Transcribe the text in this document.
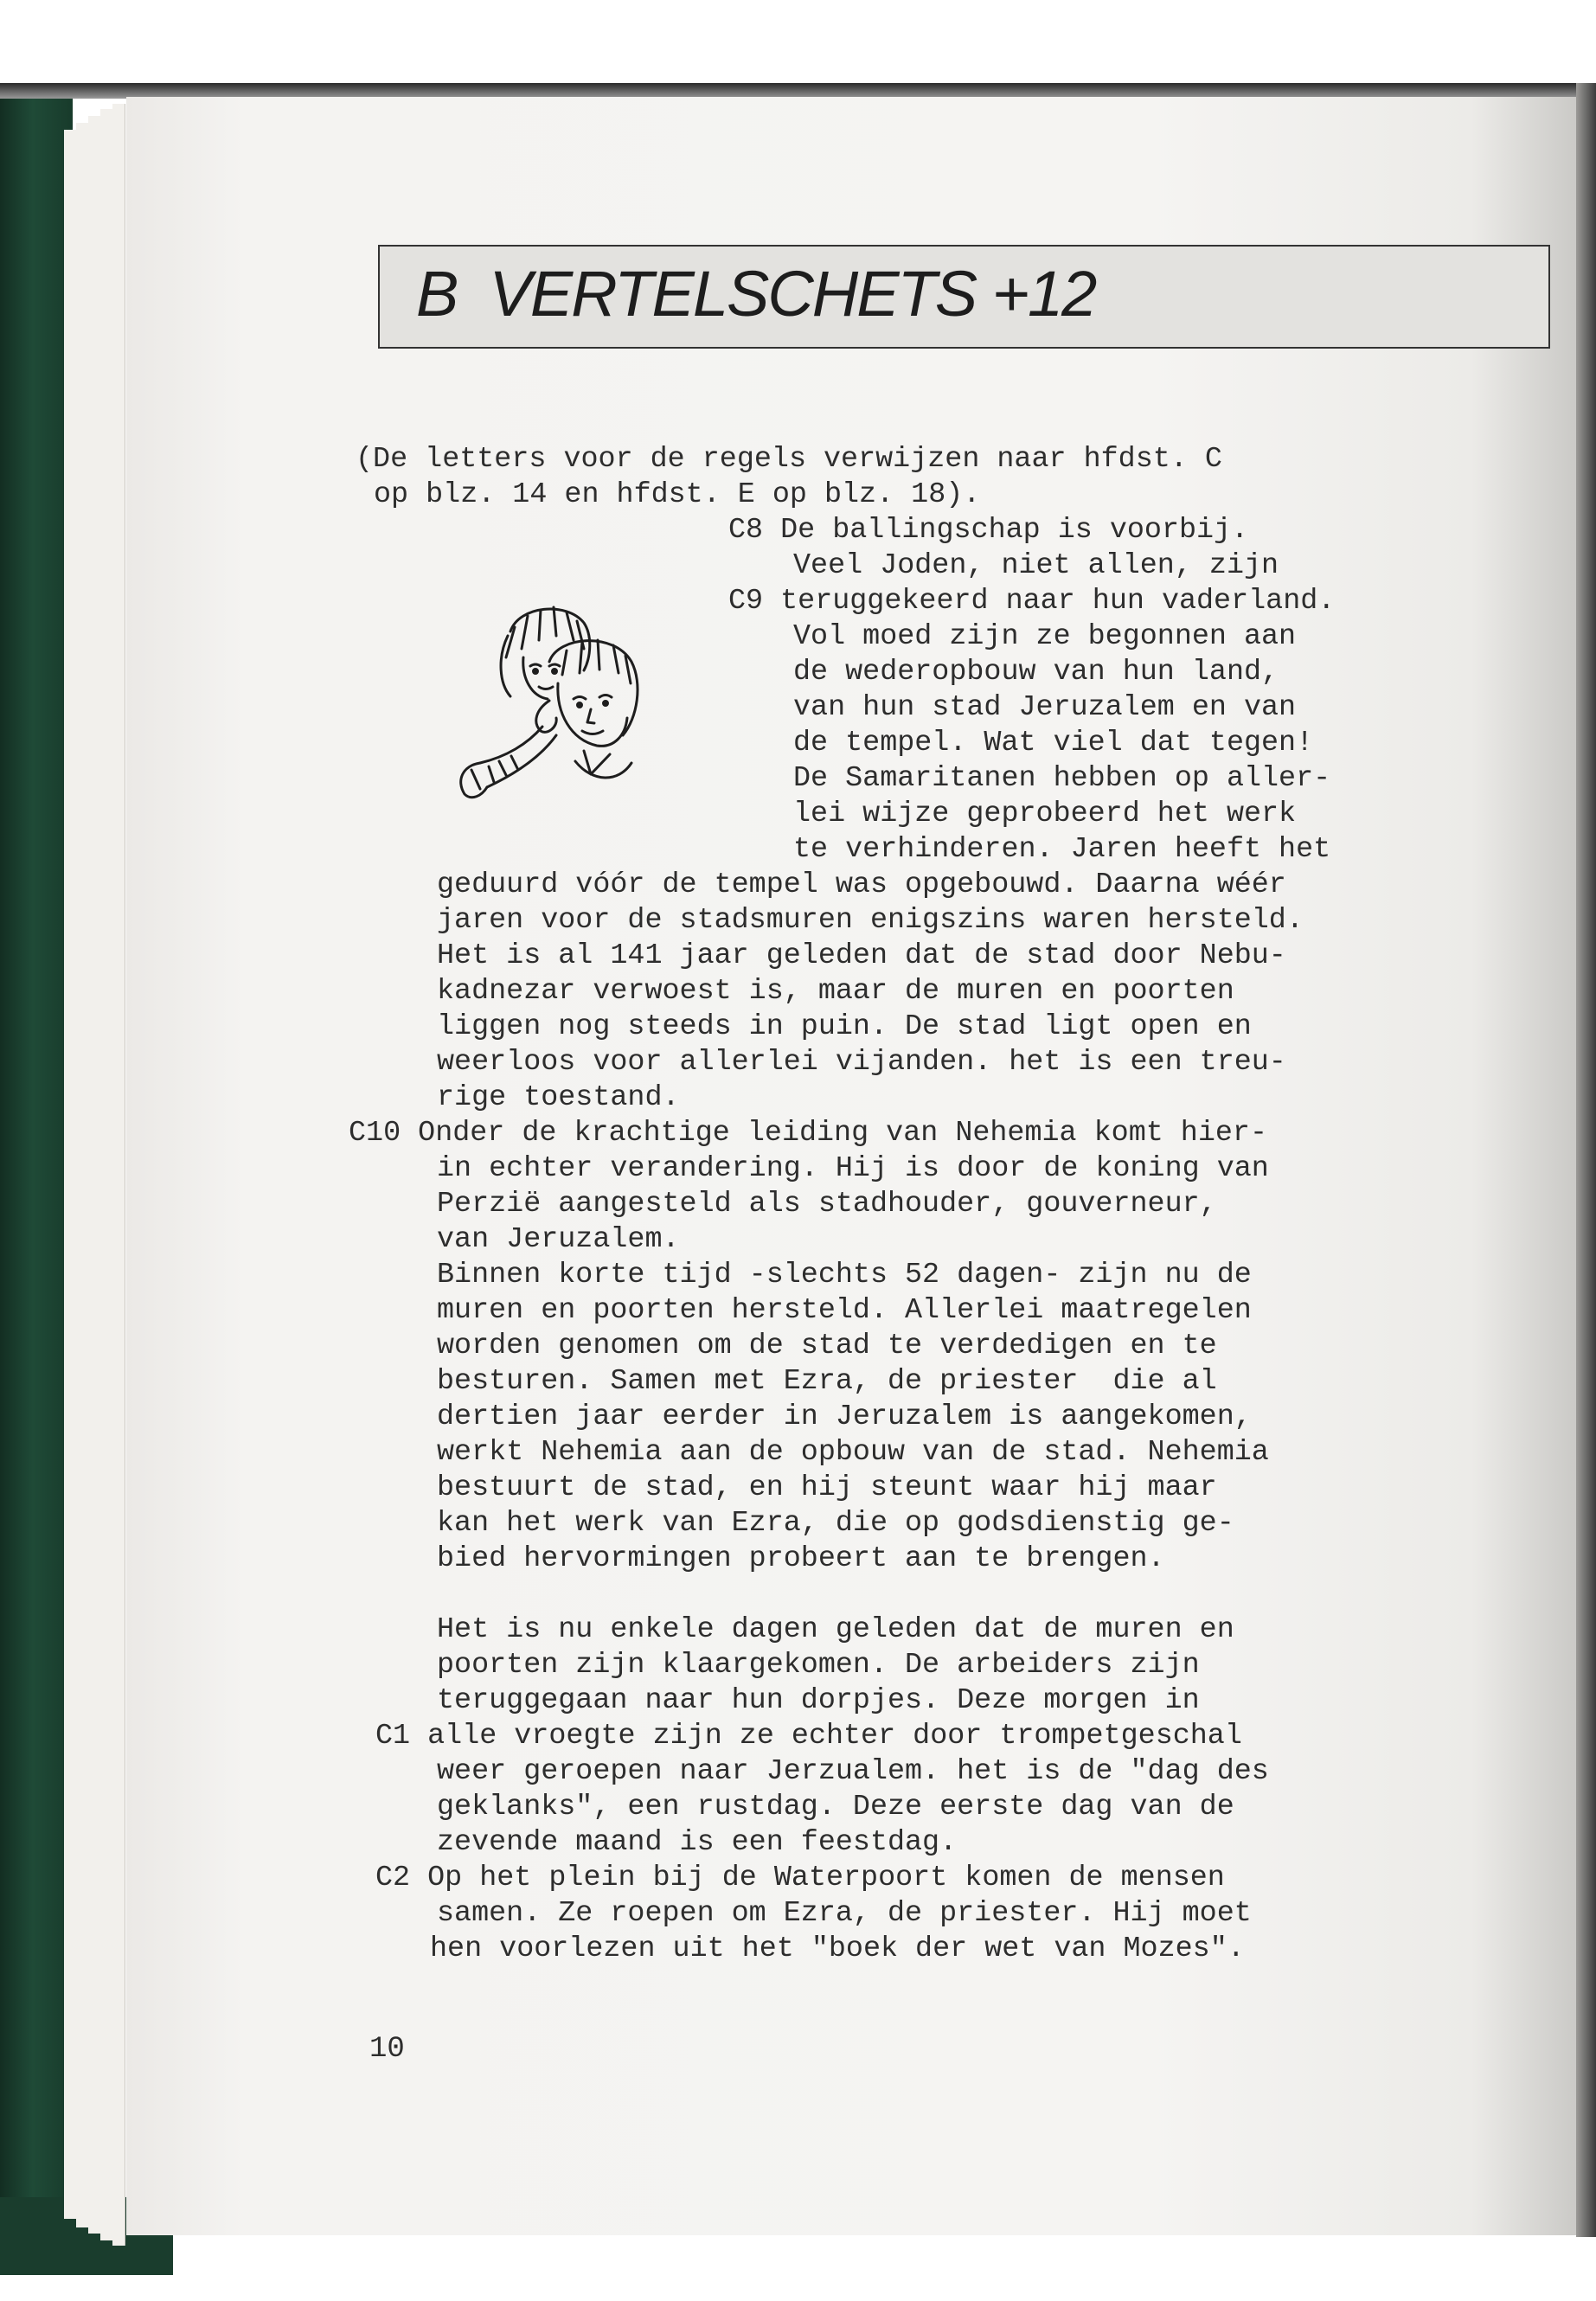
B  VERTELSCHETS +12
(De letters voor de regels verwijzen naar hfdst. C
op blz. 14 en hfdst. E op blz. 18).
C8 De ballingschap is voorbij.
Veel Joden, niet allen, zijn
C9 teruggekeerd naar hun vaderland.
Vol moed zijn ze begonnen aan
de wederopbouw van hun land,
van hun stad Jeruzalem en van
de tempel. Wat viel dat tegen!
De Samaritanen hebben op aller-
lei wijze geprobeerd het werk
te verhinderen. Jaren heeft het
geduurd vóór de tempel was opgebouwd. Daarna wéér
jaren voor de stadsmuren enigszins waren hersteld.
Het is al 141 jaar geleden dat de stad door Nebu-
kadnezar verwoest is, maar de muren en poorten
liggen nog steeds in puin. De stad ligt open en
weerloos voor allerlei vijanden. het is een treu-
rige toestand.
C10 Onder de krachtige leiding van Nehemia komt hier-
in echter verandering. Hij is door de koning van
Perzië aangesteld als stadhouder, gouverneur,
van Jeruzalem.
Binnen korte tijd -slechts 52 dagen- zijn nu de
muren en poorten hersteld. Allerlei maatregelen
worden genomen om de stad te verdedigen en te
besturen. Samen met Ezra, de priester  die al
dertien jaar eerder in Jeruzalem is aangekomen,
werkt Nehemia aan de opbouw van de stad. Nehemia
bestuurt de stad, en hij steunt waar hij maar
kan het werk van Ezra, die op godsdienstig ge-
bied hervormingen probeert aan te brengen.
Het is nu enkele dagen geleden dat de muren en
poorten zijn klaargekomen. De arbeiders zijn
teruggegaan naar hun dorpjes. Deze morgen in
C1 alle vroegte zijn ze echter door trompetgeschal
weer geroepen naar Jerzualem. het is de "dag des
geklanks", een rustdag. Deze eerste dag van de
zevende maand is een feestdag.
C2 Op het plein bij de Waterpoort komen de mensen
samen. Ze roepen om Ezra, de priester. Hij moet
hen voorlezen uit het "boek der wet van Mozes".
10
